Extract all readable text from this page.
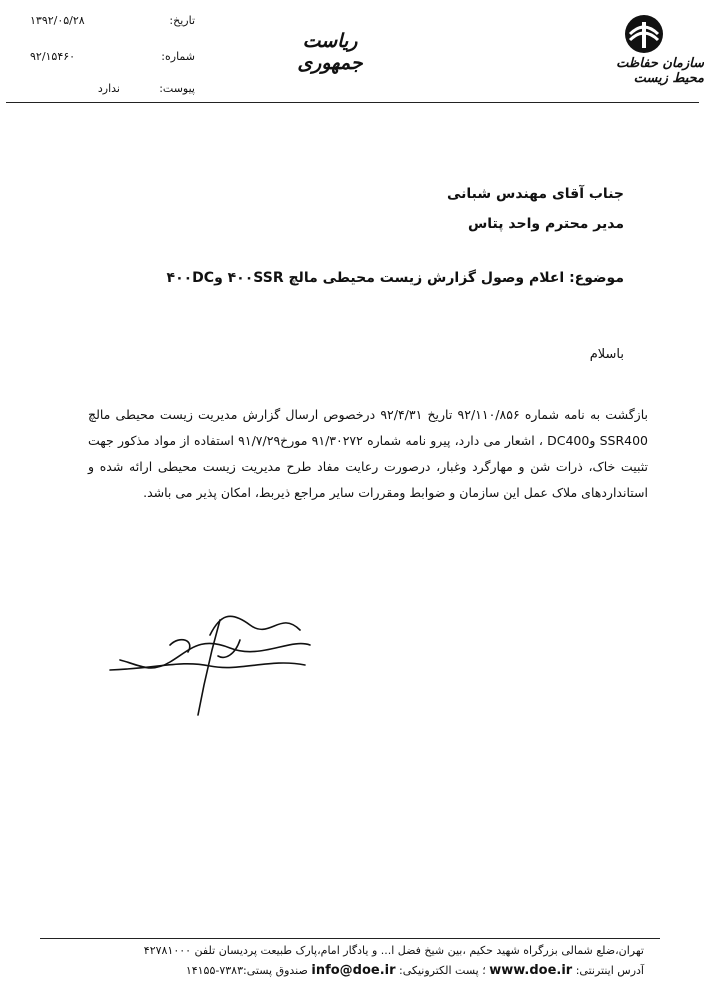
سازمان حفاظت محیط زیست
ریاست جمهوری
تاریخ:
۱۳۹۲/۰۵/۲۸
شماره:
۹۲/۱۵۴۶۰
پیوست:
ندارد
جناب آقای مهندس شبانی
مدیر محترم واحد پتاس
موضوع: اعلام وصول گزارش زیست محیطی مالچ ۴۰۰SSR و۴۰۰DC
باسلام
بازگشت به نامه شماره ۹۲/۱۱۰/۸۵۶ تاریخ ۹۲/۴/۳۱ درخصوص ارسال گزارش مدیریت زیست محیطی مالچ SSR400 وDC400 ، اشعار می دارد، پیرو نامه شماره ۹۱/۳۰۲۷۲ مورخ۹۱/۷/۲۹ استفاده از مواد مذکور جهت تثبیت خاک، ذرات شن و مهارگرد وغبار، درصورت رعایت مفاد طرح مدیریت زیست محیطی ارائه شده و استانداردهای ملاک عمل این سازمان و ضوابط ومقررات سایر مراجع ذیربط، امکان پذیر می باشد.
تهران،ضلع شمالی بزرگراه شهید حکیم ،بین شیخ فضل ا... و یادگار امام،پارک طبیعت پردیسان تلفن ۴۲۷۸۱۰۰۰
آدرس اینترنتی: www.doe.ir ؛ پست الکترونیکی: info@doe.ir صندوق پستی:۷۳۸۳-۱۴۱۵۵
